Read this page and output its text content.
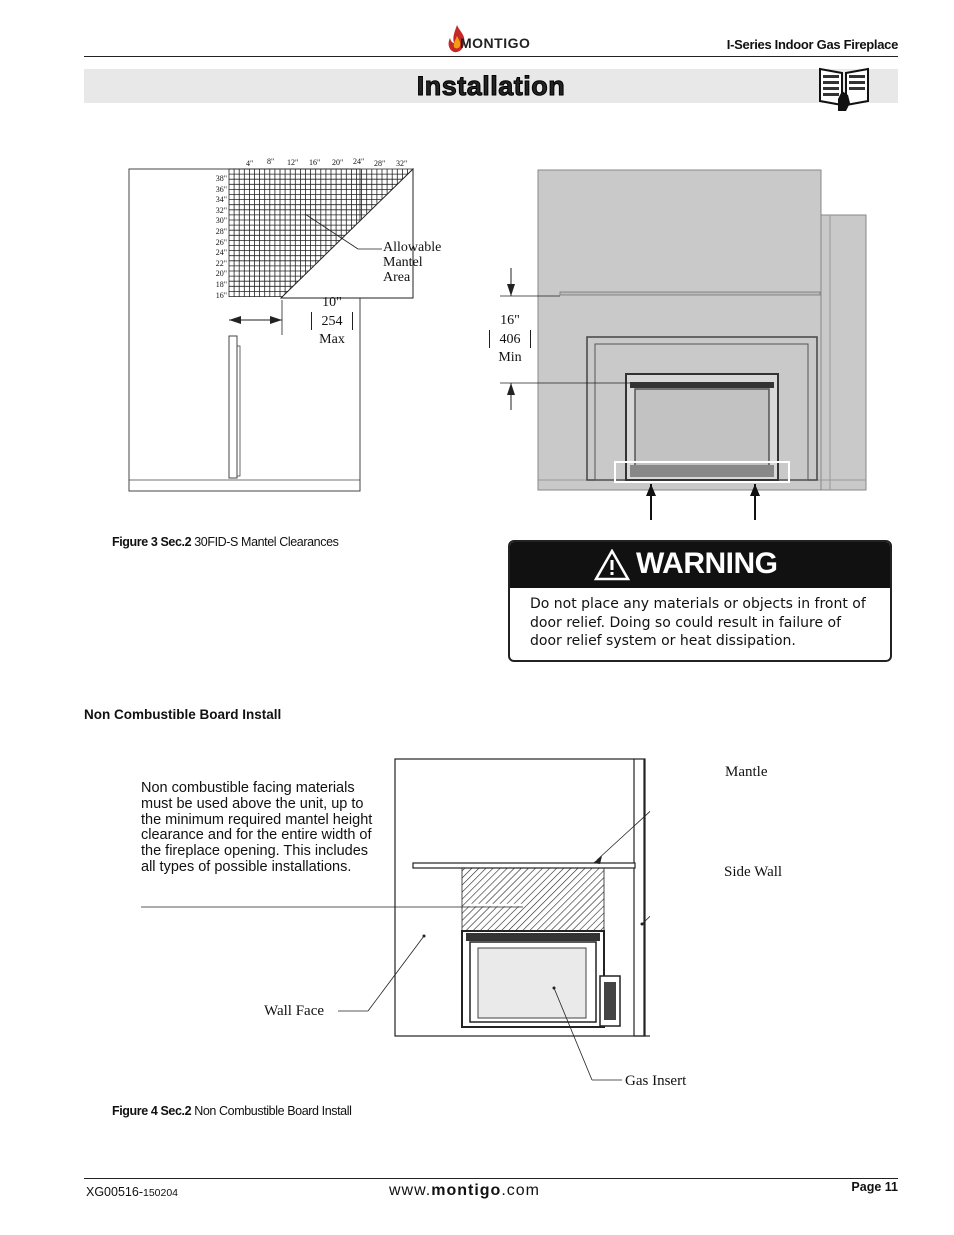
MONTIGO	I-Series Indoor Gas Fireplace
Installation
4" 8" 12" 16" 20" 24" 28" 32"
38"
36"
34"
32"
30"
28"
26"
24"
22"
20"
18"
16"
Allowable
Mantel
Area
10"
254
Max
16"
406
Min
Figure 3 Sec.2 30FID-S Mantel Clearances
WARNING
Do not place any materials or objects in front of door relief. Doing so could result in failure of door relief system or heat dissipation.
Non Combustible Board Install
Non combustible facing materials must be used above the unit, up to the minimum required mantel height clearance and for the entire width of the fireplace opening. This includes all types of possible installations.
Mantle
Side Wall
Wall Face
Gas Insert
Figure 4 Sec.2 Non Combustible Board Install
XG00516-150204	www.montigo.com	Page 11
